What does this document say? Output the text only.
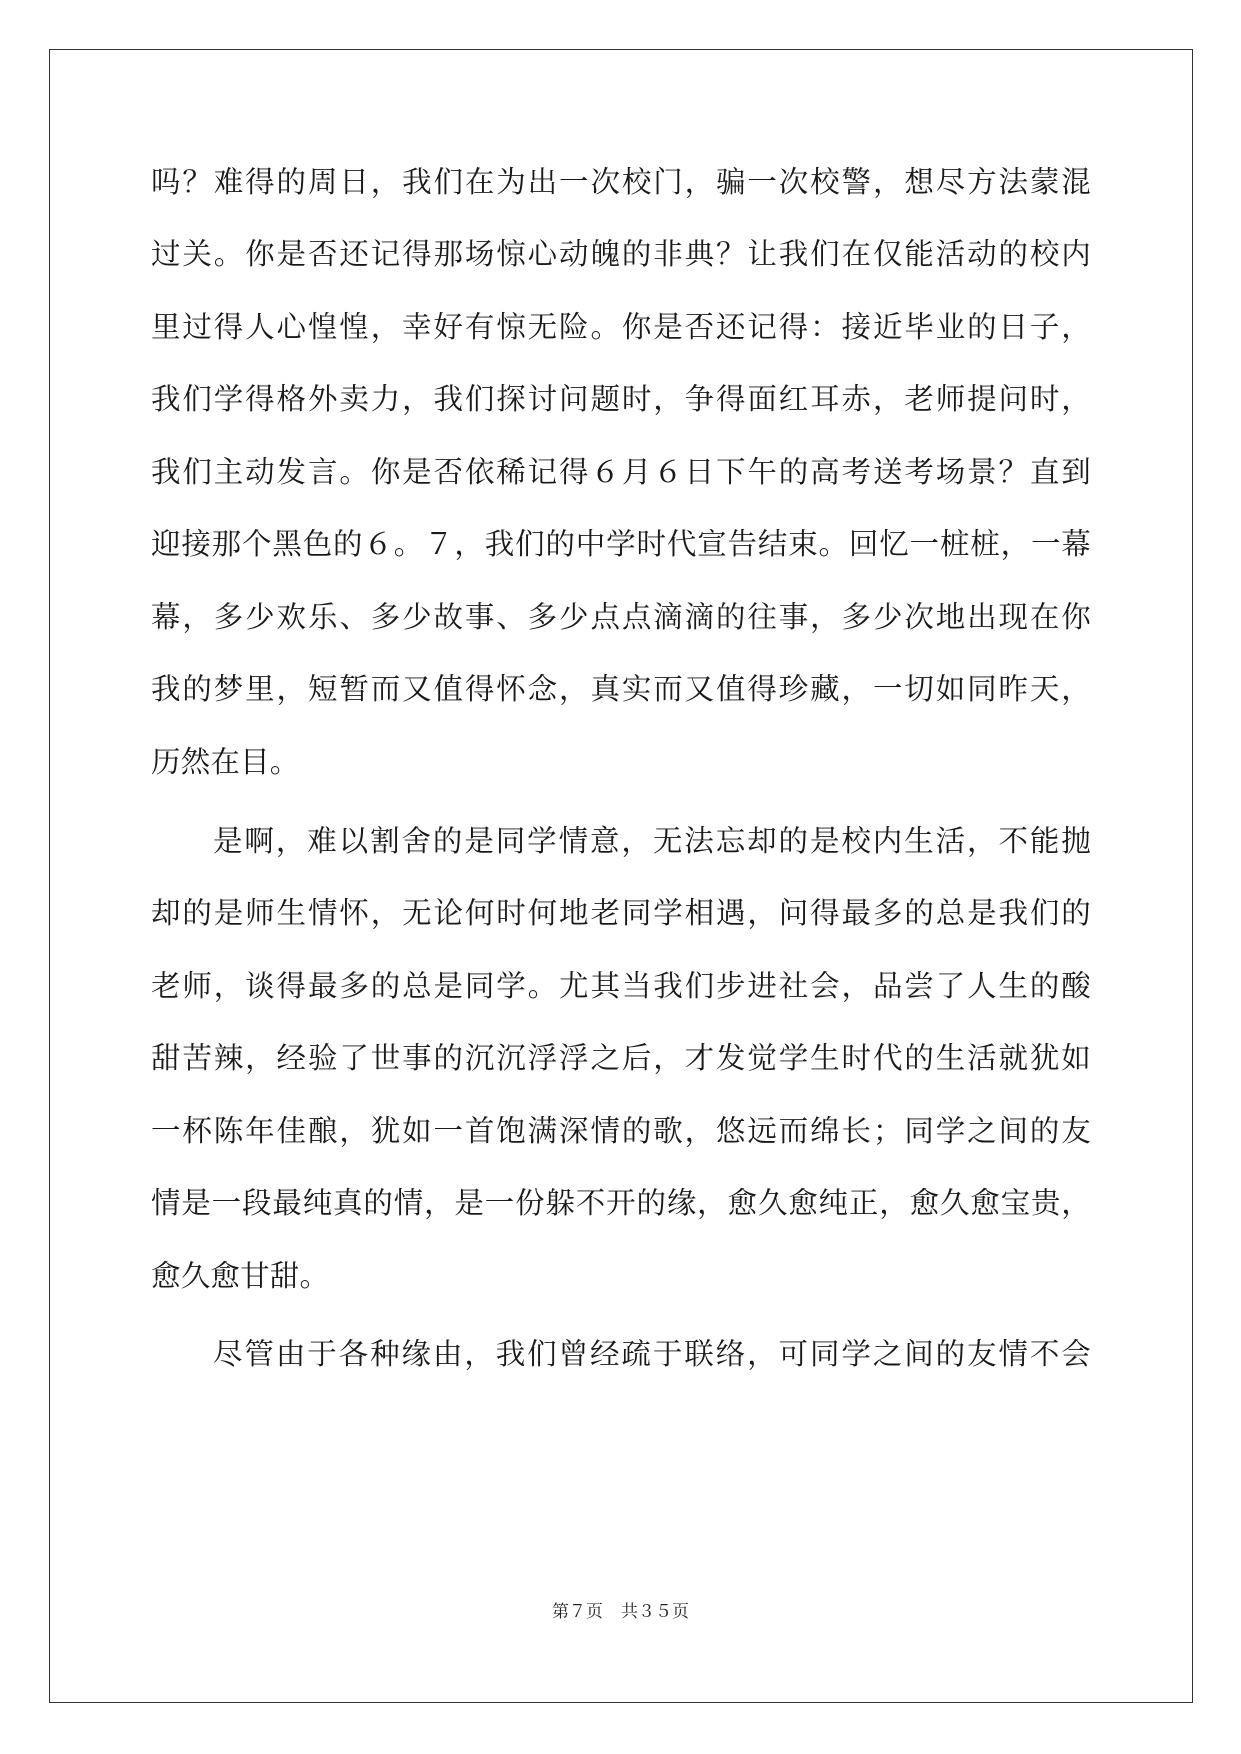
吗？难得的周日，我们在为出一次校门，骗一次校警，想尽方法蒙混
过关。你是否还记得那场惊心动魄的非典？让我们在仅能活动的校内
里过得人心惶惶，幸好有惊无险。你是否还记得：接近毕业的日子，
我们学得格外卖力，我们探讨问题时，争得面红耳赤，老师提问时，
我们主动发言。你是否依稀记得６月６日下午的高考送考场景？直到
迎接那个黑色的６。７，我们的中学时代宣告结束。回忆一桩桩，一幕
幕，多少欢乐、多少故事、多少点点滴滴的往事，多少次地出现在你
我的梦里，短暂而又值得怀念，真实而又值得珍藏，一切如同昨天，
历然在目。
是啊，难以割舍的是同学情意，无法忘却的是校内生活，不能抛
却的是师生情怀，无论何时何地老同学相遇，问得最多的总是我们的
老师，谈得最多的总是同学。尤其当我们步进社会，品尝了人生的酸
甜苦辣，经验了世事的沉沉浮浮之后，才发觉学生时代的生活就犹如
一杯陈年佳酿，犹如一首饱满深情的歌，悠远而绵长；同学之间的友
情是一段最纯真的情，是一份躲不开的缘，愈久愈纯正，愈久愈宝贵，
愈久愈甘甜。
尽管由于各种缘由，我们曾经疏于联络，可同学之间的友情不会
第７页 共３５页
